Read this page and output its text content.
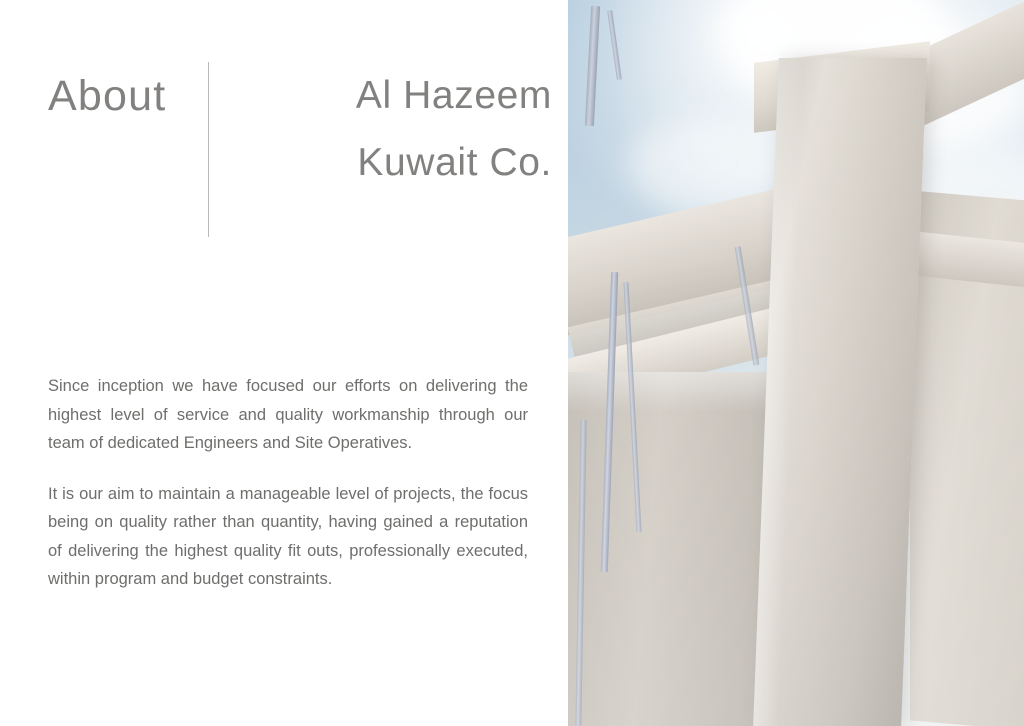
About	Al Hazeem
Kuwait Co.

Since inception we have focused our efforts on delivering the highest level of service and quality workmanship through our team of dedicated Engineers and Site Operatives.

It is our aim to maintain a manageable level of projects, the focus being on quality rather than quantity, having gained a reputation of delivering the highest quality fit outs, professionally executed, within program and budget constraints.
